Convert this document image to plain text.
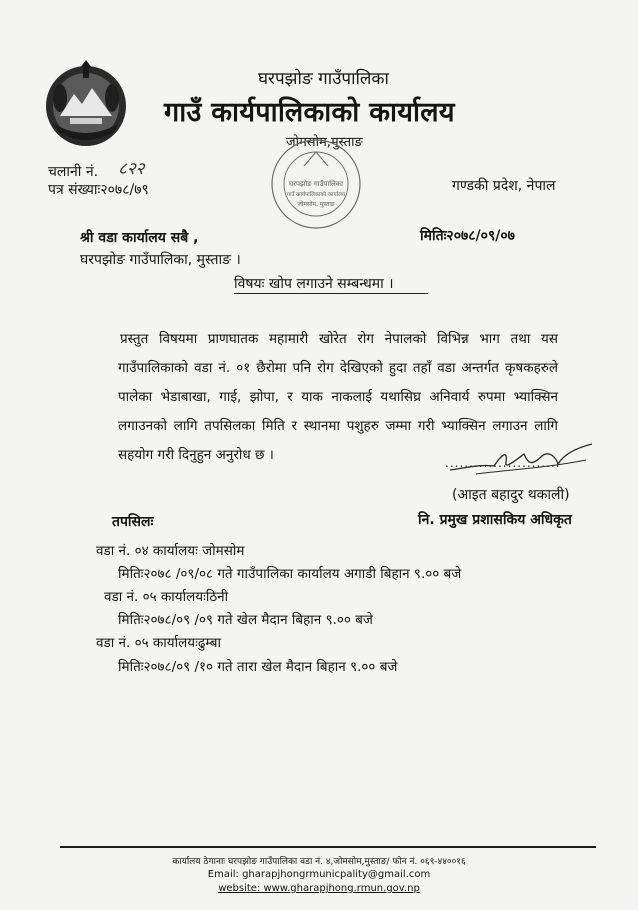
घरपझोङ गाउँपालिका
गाउँ कार्यपालिकाको कार्यालय
जोमसोम,मुस्ताङ
घरपझोङ गाउँपालिका
गाउँ कार्यपालिकाको कार्यालय
जोमसोम, मुस्ताङ
चलानी नं. ८२२
पत्र संख्याः२०७८/७९	गण्डकी प्रदेश, नेपाल
श्री वडा कार्यालय सबै ,	मितिः२०७८/०९/०७
घरपझोङ गाउँपालिका, मुस्ताङ ।
विषयः खोप लगाउने सम्बन्धमा ।
प्रस्तुत विषयमा प्राणघातक महामारी खोरेत रोग नेपालको विभिन्न भाग तथा यस गाउँपालिकाको वडा नं. ०१ छैरोमा पनि रोग देखिएको हुदा तहाँ वडा अन्तर्गत कृषकहरुले पालेका भेडाबाखा, गाई, झोपा, र याक नाकलाई यथासिघ्र अनिवार्य रुपमा भ्याक्सिन लगाउनको लागि तपसिलका मिति र स्थानमा पशुहरु जम्मा गरी भ्याक्सिन लगाउन लागि सहयोग गरी दिनुहुन अनुरोध छ ।	........................
(आइत बहादुर थकाली)
नि. प्रमुख प्रशासकिय अधिकृत
तपसिलः
वडा नं. ०४ कार्यालयः जोमसोम
मितिः२०७८ /०९/०८ गते गाउँपालिका कार्यालय अगाडी बिहान ९.०० बजे
वडा नं. ०५ कार्यालयःठिनी
मितिः२०७८/०९ /०९ गते खेल मैदान बिहान ९.०० बजे
वडा नं. ०५ कार्यालयःढुम्बा
मितिः२०७८/०९ /१० गते तारा खेल मैदान बिहान ९.०० बजे
कार्यालय ठेगानाः घरपझोङ गाउँपालिका वडा नं. ४,जोमसोम,मुस्ताङ/ फोन नं. ०६९-४४००१६
Email: gharapjhongrmunicpality@gmail.com
website: www.gharapjhong.rmun.gov.np
